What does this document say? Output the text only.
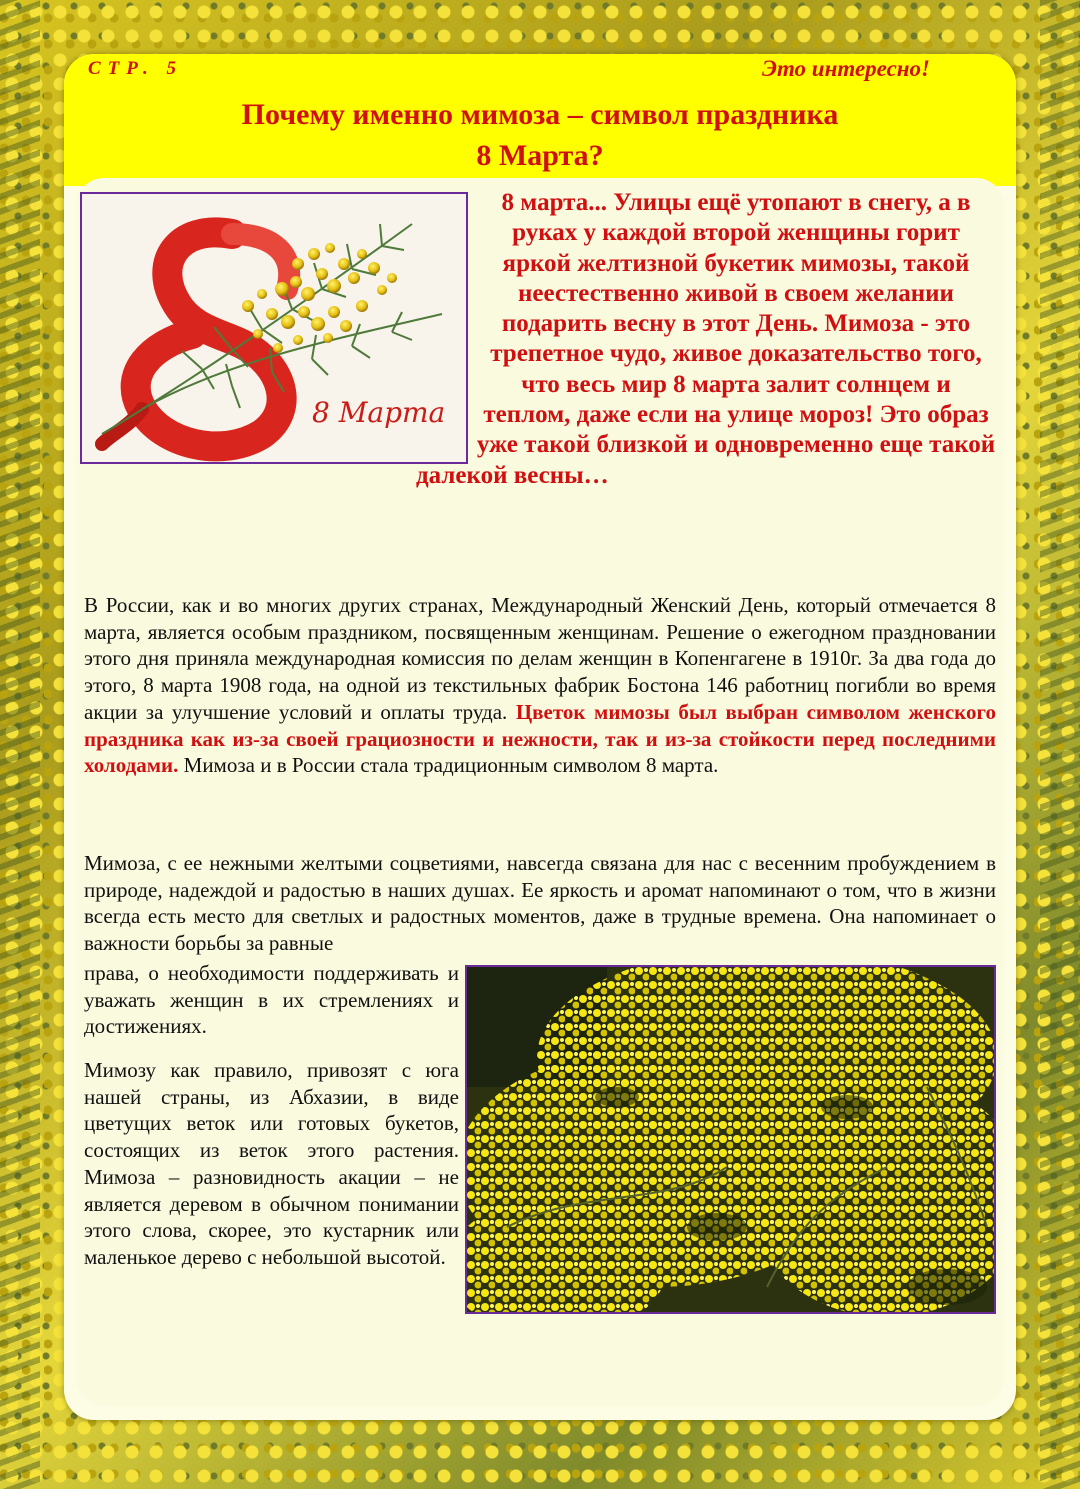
СТР. 5	Это интересно!
Почему именно мимоза – символ праздника
8 Марта?
8 Марта

8 марта... Улицы ещё утопают в снегу, а в руках у каждой второй женщины горит яркой желтизной букетик мимозы, такой неестественно живой в своем желании подарить весну в этот День. Мимоза - это трепетное чудо, живое доказательство того, что весь мир 8 марта залит солнцем и теплом, даже если на улице мороз! Это образ уже такой близкой и одновременно еще такой
далекой весны…

В России, как и во многих других странах, Международный Женский День, который отмечается 8 марта, является особым праздником, посвященным женщинам. Решение о ежегодном праздновании этого дня приняла международная комиссия по делам женщин в Копенгагене в 1910г. За два года до этого, 8 марта 1908 года, на одной из текстильных фабрик Бостона 146 работниц погибли во время акции за улучшение условий и оплаты труда. Цветок мимозы был выбран символом женского праздника как из-за своей грациозности и нежности, так и из-за стойкости перед последними холодами. Мимоза и в России стала традиционным символом 8 марта.

Мимоза, с ее нежными желтыми соцветиями, навсегда связана для нас с весенним пробуждением в природе, надеждой и радостью в наших душах. Ее яркость и аромат напоминают о том, что в жизни всегда есть место для светлых и радостных моментов, даже в трудные времена. Она напоминает о важности борьбы за равные

права, о необходимости поддерживать и уважать женщин в их стремлениях и достижениях.

Мимозу как правило, привозят с юга нашей страны, из Абхазии, в виде цветущих веток или готовых букетов, состоящих из веток этого растения. Мимоза – разновидность акации – не является деревом в обычном понимании этого слова, скорее, это кустарник или маленькое дерево с небольшой высотой.
